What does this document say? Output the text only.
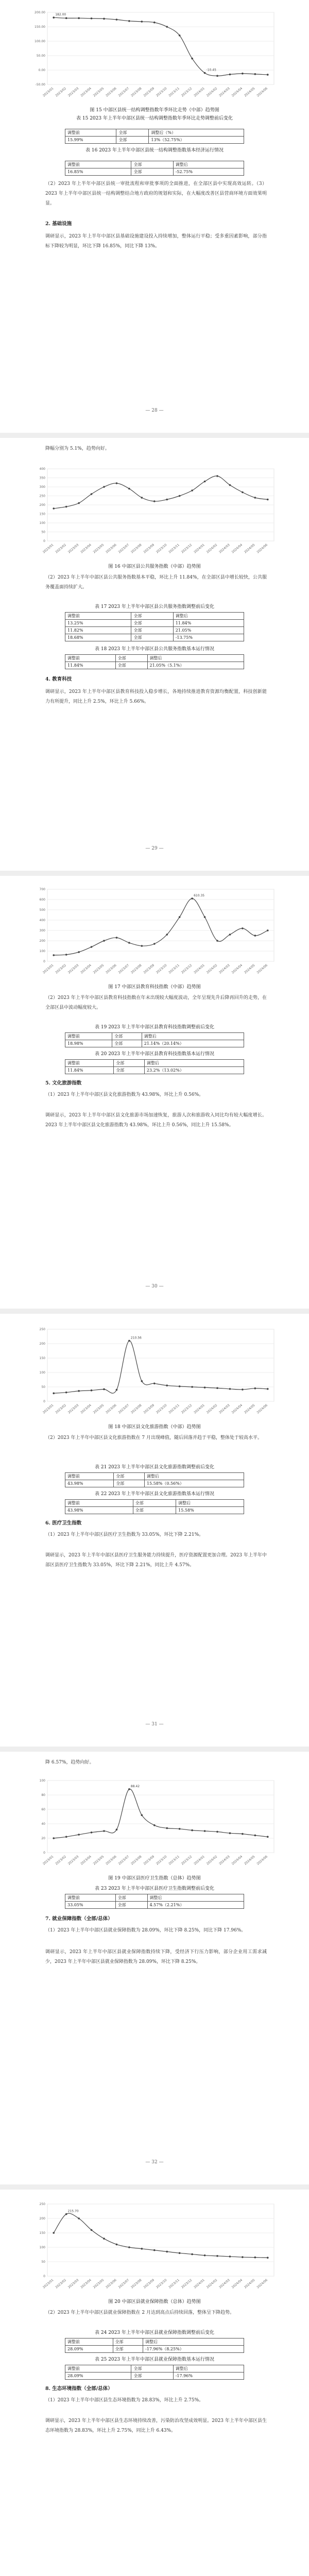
200.00
150.00
100.00
50.00
0.00
-50.00
2023/01 2023/02 2023/03 2023/04 2023/05 2023/06 2023/07 2023/08 2023/09 2023/10 2023/11 2023/12 2024/01 2024/02 2024/03 2024/04 2024/05 2024/06
182.00
-10.45
图 15 中部区县统一结构调整指数年季环比走势（中部）趋势图
表 15 2023 年上半年中部区县统一结构调整指数年季环比走势调整前后变化
调整前	全部	调整后（%）
15.99%	全部	13%（52.75%）
表 16 2023 年上半年中部区县统一结构调整指数基本经济运行情况
调整前	全部	调整后
16.85%	全部	-52.75%
（2）2023 年上半年中部区县统一审批流程和审批事项的全面推进，在全部区县中实现高效运转。（3）2023 年上半年中部区县统一结构调整结合地方政府的规划和实际，在大幅度改善区县营商环境方面效果明显。
2. 基础设施
调研显示，2023 年上半年中部区县基础设施建设投入持续增加，整体运行平稳；受多重因素影响，部分指标下降较为明显，环比下降 16.85%，同比下降 13%。
— 28 —
降幅分别为 5.1%，趋势向好。
400
350
300
250
200
150
100
50
0
2023/01 2023/02 2023/03 2023/04 2023/05 2023/06 2023/07 2023/08 2023/09 2023/10 2023/11 2023/12 2024/01 2024/02 2024/03 2024/04 2024/05 2024/06
图 16 中部区县公共服务指数（中部）趋势图
（2）2023 年上半年中部区县公共服务指数基本平稳，环比上升 11.84%，在全部区县中增长较快，公共服务覆盖面持续扩大。
表 17 2023 年上半年中部区县公共服务指数调整前后变化
调整前	全部	调整后
13.25%	全部	11.84%
11.82%	全部	21.05%
18.68%	全部	-13.75%
表 18 2023 年上半年中部区县公共服务指数基本运行情况
调整前	全部	调整后
11.84%	全部	21.05%（5.1%）
4. 教育科技
调研显示，2023 年上半年中部区县教育科技投入稳步增长，各地持续推进教育资源均衡配置，科技创新能力有所提升，同比上升 2.5%，环比上升 5.66%。
— 29 —
700
600
500
400
300
200
100
0
2023/01 2023/02 2023/03 2023/04 2023/05 2023/06 2023/07 2023/08 2023/09 2023/10 2023/11 2023/12 2024/01 2024/02 2024/03 2024/04 2024/05 2024/06
610.35
图 17 中部区县教育科技指数（中部）趋势图
（2）2023 年上半年中部区县教育科技指数在年末出现较大幅度波动，全年呈现先升后降再回升的走势，在全部区县中波动幅度较大。
表 19 2023 年上半年中部区县教育科技指数调整前后变化
调整前	全部	调整后
18.98%	全部	21.14%（20.14%）
表 20 2023 年上半年中部区县教育科技指数基本运行情况
调整前	全部	调整后
11.84%	全部	23.2%（13.02%）
5. 文化旅游指数
（1）2023 年上半年中部区县文化旅游指数为 43.98%，环比上升 0.56%。
调研显示，2023 年上半年中部区县文化旅游市场加速恢复，旅游人次和旅游收入同比均有较大幅度增长。2023 年上半年中部区县文化旅游指数为 43.98%，环比上升 0.56%，同比上升 15.58%。
— 30 —
250
200
150
100
50
0
2023/01 2023/02 2023/03 2023/04 2023/05 2023/06 2023/07 2023/08 2023/09 2023/10 2023/11 2023/12 2024/01 2024/02 2024/03 2024/04 2024/05 2024/06
210.56
图 18 中部区县文化旅游指数（中部）趋势图
（2）2023 年上半年中部区县文化旅游指数在 7 月出现峰值，随后回落并趋于平稳，整体处于较高水平。
表 21 2023 年上半年中部区县文化旅游指数调整前后变化
调整前	全部	调整后
43.98%	全部	15.58%（0.56%）
表 22 2023 年上半年中部区县文化旅游指数基本运行情况
调整前	全部	调整后
43.98%	全部	15.58%
6. 医疗卫生指数
（1）2023 年上半年中部区县医疗卫生指数为 33.05%，环比下降 2.21%。
调研显示，2023 年上半年中部区县医疗卫生服务能力持续提升，医疗资源配置更加合理。2023 年上半年中部区县医疗卫生指数为 33.05%，环比下降 2.21%，同比上升 4.57%。
— 31 —
降 6.57%，趋势向好。
100
80
60
40
20
0
2023/01 2023/02 2023/03 2023/04 2023/05 2023/06 2023/07 2023/08 2023/09 2023/10 2023/11 2023/12 2024/01 2024/02 2024/03 2024/04 2024/05 2024/06
88.42
图 19 中部区县医疗卫生指数（总体）趋势图
表 23 2023 年上半年中部区县医疗卫生指数调整前后变化
调整前	全部	调整后
33.05%	全部	4.57%（2.21%）
7. 就业保障指数（全部/总体）
（1）2023 年上半年中部区县就业保障指数为 28.09%，环比下降 8.25%，同比下降 17.96%。
调研显示，2023 年上半年中部区县就业保障指数持续下降，受经济下行压力影响，部分企业用工需求减少，2023 年上半年中部区县就业保障指数为 28.09%，环比下降 8.25%。
— 32 —
250
200
150
100
50
0
2023/01 2023/02 2023/03 2023/04 2023/05 2023/06 2023/07 2023/08 2023/09 2023/10 2023/11 2023/12 2024/01 2024/02 2024/03 2024/04 2024/05 2024/06
215.70
图 20 中部区县就业保障指数（总体）趋势图
（2）2023 年上半年中部区县就业保障指数在 2 月达到高点后持续回落，整体呈下降趋势。
表 24 2023 年上半年中部区县就业保障指数调整前后变化
调整前	全部	调整后
28.09%	全部	-17.96%（8.25%）
表 25 2023 年上半年中部区县就业保障指数基本运行情况
调整前	全部	调整后
28.09%	全部	-17.96%
8. 生态环境指数（全部/总体）
（1）2023 年上半年中部区县生态环境指数为 28.83%，环比上升 2.75%。
调研显示，2023 年上半年中部区县生态环境持续改善，污染防治攻坚成效明显。2023 年上半年中部区县生态环境指数为 28.83%，环比上升 2.75%，同比上升 6.43%。
